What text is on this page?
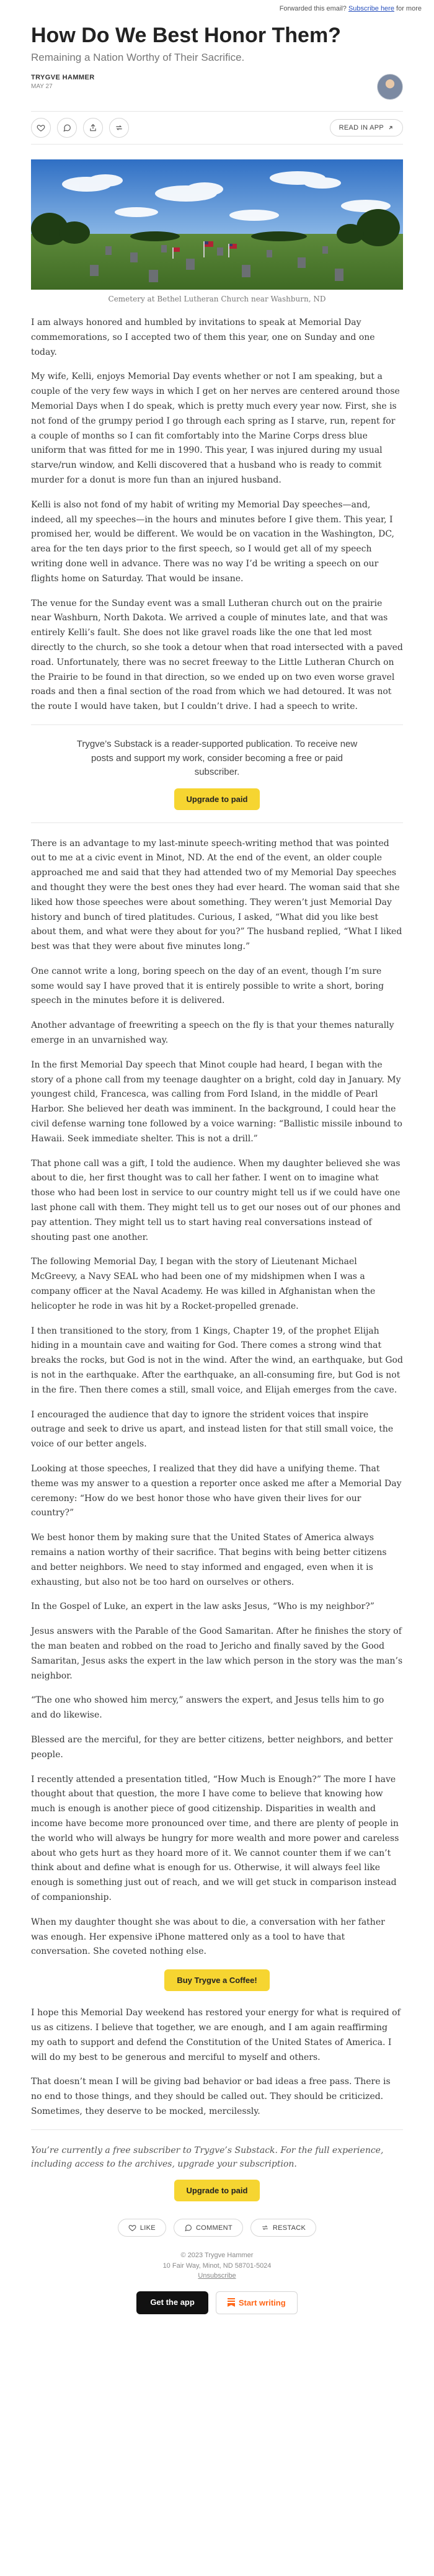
Forwarded this email? Subscribe here for more
How Do We Best Honor Them?
Remaining a Nation Worthy of Their Sacrifice.
TRYGVE HAMMER
MAY 27
READ IN APP
Cemetery at Bethel Lutheran Church near Washburn, ND

I am always honored and humbled by invitations to speak at Memorial Day commemorations, so I accepted two of them this year, one on Sunday and one today.

My wife, Kelli, enjoys Memorial Day events whether or not I am speaking, but a couple of the very few ways in which I get on her nerves are centered around those Memorial Days when I do speak, which is pretty much every year now. First, she is not fond of the grumpy period I go through each spring as I starve, run, repent for a couple of months so I can fit comfortably into the Marine Corps dress blue uniform that was fitted for me in 1990. This year, I was injured during my usual starve/run window, and Kelli discovered that a husband who is ready to commit murder for a donut is more fun than an injured husband.

Kelli is also not fond of my habit of writing my Memorial Day speeches—and, indeed, all my speeches—in the hours and minutes before I give them. This year, I promised her, would be different. We would be on vacation in the Washington, DC, area for the ten days prior to the first speech, so I would get all of my speech writing done well in advance. There was no way I’d be writing a speech on our flights home on Saturday. That would be insane.

The venue for the Sunday event was a small Lutheran church out on the prairie near Washburn, North Dakota. We arrived a couple of minutes late, and that was entirely Kelli’s fault. She does not like gravel roads like the one that led most directly to the church, so she took a detour when that road intersected with a paved road. Unfortunately, there was no secret freeway to the Little Lutheran Church on the Prairie to be found in that direction, so we ended up on two even worse gravel roads and then a final section of the road from which we had detoured. It was not the route I would have taken, but I couldn’t drive. I had a speech to write.

Trygve’s Substack is a reader-supported publication. To receive new posts and support my work, consider becoming a free or paid subscriber.

Upgrade to paid

There is an advantage to my last-minute speech-writing method that was pointed out to me at a civic event in Minot, ND. At the end of the event, an older couple approached me and said that they had attended two of my Memorial Day speeches and thought they were the best ones they had ever heard. The woman said that she liked how those speeches were about something. They weren’t just Memorial Day history and bunch of tired platitudes. Curious, I asked, “What did you like best about them, and what were they about for you?” The husband replied, “What I liked best was that they were about five minutes long.”

One cannot write a long, boring speech on the day of an event, though I’m sure some would say I have proved that it is entirely possible to write a short, boring speech in the minutes before it is delivered.

Another advantage of freewriting a speech on the fly is that your themes naturally emerge in an unvarnished way.

In the first Memorial Day speech that Minot couple had heard, I began with the story of a phone call from my teenage daughter on a bright, cold day in January. My youngest child, Francesca, was calling from Ford Island, in the middle of Pearl Harbor. She believed her death was imminent. In the background, I could hear the civil defense warning tone followed by a voice warning: “Ballistic missile inbound to Hawaii. Seek immediate shelter. This is not a drill.”

That phone call was a gift, I told the audience. When my daughter believed she was about to die, her first thought was to call her father. I went on to imagine what those who had been lost in service to our country might tell us if we could have one last phone call with them. They might tell us to get our noses out of our phones and pay attention. They might tell us to start having real conversations instead of shouting past one another.

The following Memorial Day, I began with the story of Lieutenant Michael McGreevy, a Navy SEAL who had been one of my midshipmen when I was a company officer at the Naval Academy. He was killed in Afghanistan when the helicopter he rode in was hit by a Rocket-propelled grenade.

I then transitioned to the story, from 1 Kings, Chapter 19, of the prophet Elijah hiding in a mountain cave and waiting for God. There comes a strong wind that breaks the rocks, but God is not in the wind. After the wind, an earthquake, but God is not in the earthquake. After the earthquake, an all-consuming fire, but God is not in the fire. Then there comes a still, small voice, and Elijah emerges from the cave.

I encouraged the audience that day to ignore the strident voices that inspire outrage and seek to drive us apart, and instead listen for that still small voice, the voice of our better angels.

Looking at those speeches, I realized that they did have a unifying theme. That theme was my answer to a question a reporter once asked me after a Memorial Day ceremony: “How do we best honor those who have given their lives for our country?”

We best honor them by making sure that the United States of America always remains a nation worthy of their sacrifice. That begins with being better citizens and better neighbors. We need to stay informed and engaged, even when it is exhausting, but also not be too hard on ourselves or others.

In the Gospel of Luke, an expert in the law asks Jesus, “Who is my neighbor?”

Jesus answers with the Parable of the Good Samaritan. After he finishes the story of the man beaten and robbed on the road to Jericho and finally saved by the Good Samaritan, Jesus asks the expert in the law which person in the story was the man’s neighbor.

“The one who showed him mercy,” answers the expert, and Jesus tells him to go and do likewise.

Blessed are the merciful, for they are better citizens, better neighbors, and better people.

I recently attended a presentation titled, “How Much is Enough?” The more I have thought about that question, the more I have come to believe that knowing how much is enough is another piece of good citizenship. Disparities in wealth and income have become more pronounced over time, and there are plenty of people in the world who will always be hungry for more wealth and more power and careless about who gets hurt as they hoard more of it. We cannot counter them if we can’t think about and define what is enough for us. Otherwise, it will always feel like enough is something just out of reach, and we will get stuck in comparison instead of companionship.

When my daughter thought she was about to die, a conversation with her father was enough. Her expensive iPhone mattered only as a tool to have that conversation. She coveted nothing else.

Buy Trygve a Coffee!

I hope this Memorial Day weekend has restored your energy for what is required of us as citizens. I believe that together, we are enough, and I am again reaffirming my oath to support and defend the Constitution of the United States of America. I will do my best to be generous and merciful to myself and others.

That doesn’t mean I will be giving bad behavior or bad ideas a free pass. There is no end to those things, and they should be called out. They should be criticized. Sometimes, they deserve to be mocked, mercilessly.

You’re currently a free subscriber to Trygve’s Substack. For the full experience, including access to the archives, upgrade your subscription.

Upgrade to paid
LIKE	COMMENT	RESTACK
© 2023 Trygve Hammer
10 Fair Way, Minot, ND 58701-5024
Unsubscribe
Get the app	Start writing
